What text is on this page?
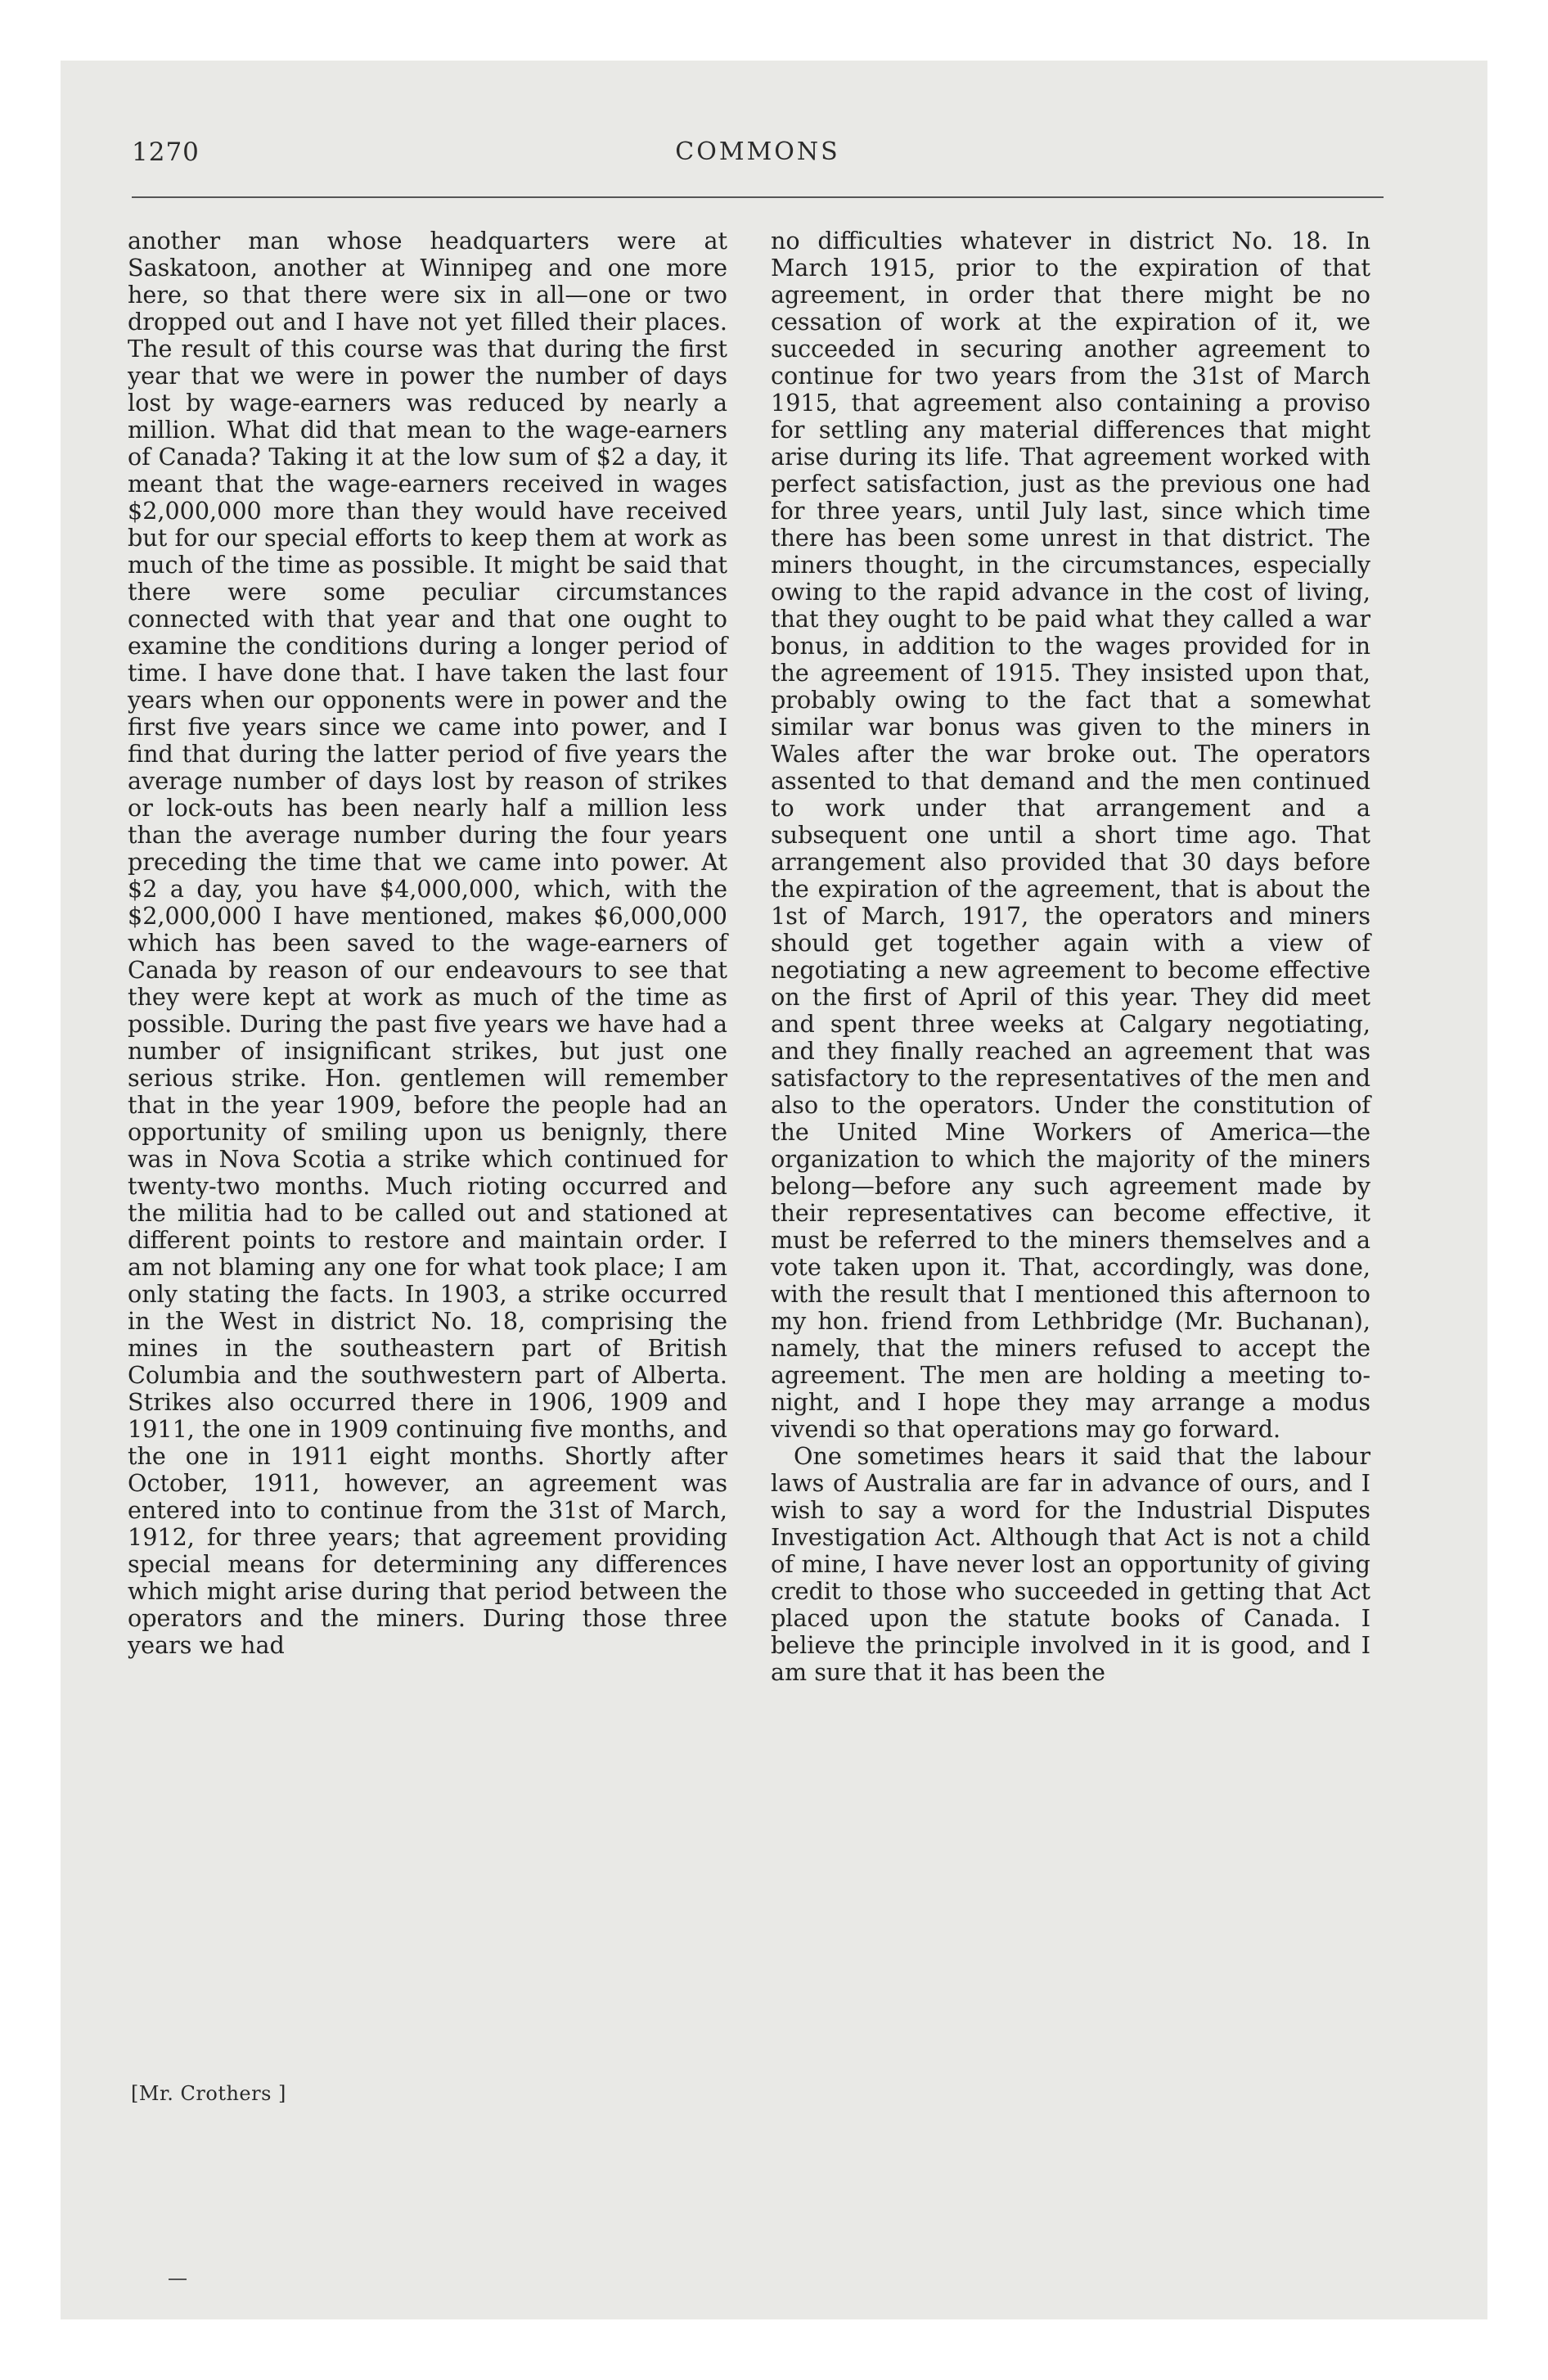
1270	COMMONS

another man whose headquarters were at Saskatoon, another at Winnipeg and one more here, so that there were six in all—one or two dropped out and I have not yet filled their places. The result of this course was that during the first year that we were in power the number of days lost by wage-earners was reduced by nearly a million. What did that mean to the wage-earners of Canada? Taking it at the low sum of $2 a day, it meant that the wage-earners received in wages $2,000,000 more than they would have received but for our special efforts to keep them at work as much of the time as possible. It might be said that there were some peculiar circumstances connected with that year and that one ought to examine the conditions during a longer period of time. I have done that. I have taken the last four years when our opponents were in power and the first five years since we came into power, and I find that during the latter period of five years the average number of days lost by reason of strikes or lock-outs has been nearly half a million less than the average number during the four years preceding the time that we came into power. At $2 a day, you have $4,000,000, which, with the $2,000,000 I have mentioned, makes $6,000,000 which has been saved to the wage-earners of Canada by reason of our endeavours to see that they were kept at work as much of the time as possible. During the past five years we have had a number of insignificant strikes, but just one serious strike. Hon. gentlemen will remember that in the year 1909, before the people had an opportunity of smiling upon us benignly, there was in Nova Scotia a strike which continued for twenty-two months. Much rioting occurred and the militia had to be called out and stationed at different points to restore and maintain order. I am not blaming any one for what took place; I am only stating the facts. In 1903, a strike occurred in the West in district No. 18, comprising the mines in the southeastern part of British Columbia and the southwestern part of Alberta. Strikes also occurred there in 1906, 1909 and 1911, the one in 1909 continuing five months, and the one in 1911 eight months. Shortly after October, 1911, however, an agreement was entered into to continue from the 31st of March, 1912, for three years; that agreement providing special means for determining any differences which might arise during that period between the operators and the miners. During those three years we had

no difficulties whatever in district No. 18. In March 1915, prior to the expiration of that agreement, in order that there might be no cessation of work at the expiration of it, we succeeded in securing another agreement to continue for two years from the 31st of March 1915, that agreement also containing a proviso for settling any material differences that might arise during its life. That agreement worked with perfect satisfaction, just as the previous one had for three years, until July last, since which time there has been some unrest in that district. The miners thought, in the circumstances, especially owing to the rapid advance in the cost of living, that they ought to be paid what they called a war bonus, in addition to the wages provided for in the agreement of 1915. They insisted upon that, probably owing to the fact that a somewhat similar war bonus was given to the miners in Wales after the war broke out. The operators assented to that demand and the men continued to work under that arrangement and a subsequent one until a short time ago. That arrangement also provided that 30 days before the expiration of the agreement, that is about the 1st of March, 1917, the operators and miners should get together again with a view of negotiating a new agreement to become effective on the first of April of this year. They did meet and spent three weeks at Calgary negotiating, and they finally reached an agreement that was satisfactory to the representatives of the men and also to the operators. Under the constitution of the United Mine Workers of America—the organization to which the majority of the miners belong—before any such agreement made by their representatives can become effective, it must be referred to the miners themselves and a vote taken upon it. That, accordingly, was done, with the result that I mentioned this afternoon to my hon. friend from Lethbridge (Mr. Buchanan), namely, that the miners refused to accept the agreement. The men are holding a meeting to-night, and I hope they may arrange a modus vivendi so that operations may go forward.

One sometimes hears it said that the labour laws of Australia are far in advance of ours, and I wish to say a word for the Industrial Disputes Investigation Act. Although that Act is not a child of mine, I have never lost an opportunity of giving credit to those who succeeded in getting that Act placed upon the statute books of Canada. I believe the principle involved in it is good, and I am sure that it has been the

[Mr. Crothers ]
